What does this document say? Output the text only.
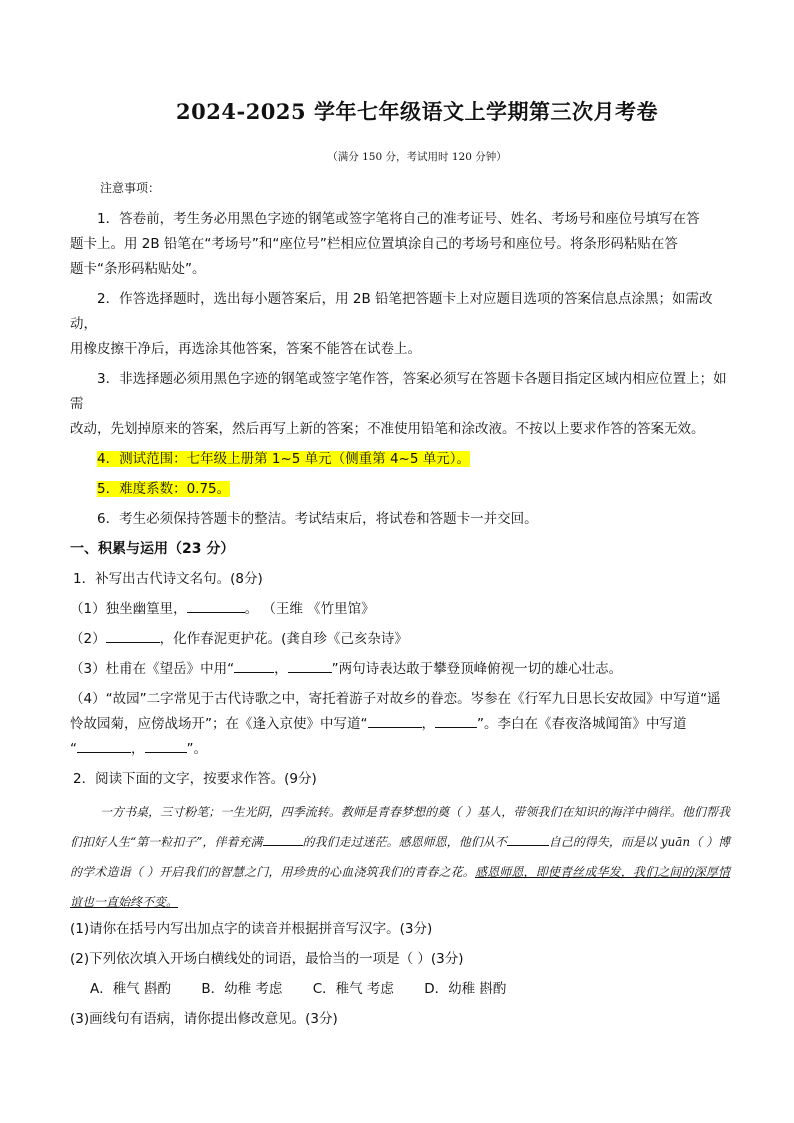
2024-2025 学年七年级语文上学期第三次月考卷
（满分 150 分，考试用时 120 分钟）

注意事项：

1．答卷前，考生务必用黑色字迹的钢笔或签字笔将自己的准考证号、姓名、考场号和座位号填写在答
题卡上。用 2B 铅笔在“考场号”和“座位号”栏相应位置填涂自己的考场号和座位号。将条形码粘贴在答
题卡“条形码粘贴处”。

2．作答选择题时，选出每小题答案后，用 2B 铅笔把答题卡上对应题目选项的答案信息点涂黑；如需改动，
用橡皮擦干净后，再选涂其他答案，答案不能答在试卷上。

3．非选择题必须用黑色字迹的钢笔或签字笔作答，答案必须写在答题卡各题目指定区域内相应位置上；如需
改动，先划掉原来的答案，然后再写上新的答案；不准使用铅笔和涂改液。不按以上要求作答的答案无效。

4．测试范围：七年级上册第 1~5 单元（侧重第 4~5 单元）。

5．难度系数：0.75。

6．考生必须保持答题卡的整洁。考试结束后，将试卷和答题卡一并交回。

一、积累与运用（23 分）

1．补写出古代诗文名句。(8分)

（1）独坐幽篁里，	。 （王维 《竹里馆》

（2）	，化作春泥更护花。(龚自珍《己亥杂诗》

（3）杜甫在《望岳》中用“	，	”两句诗表达敢于攀登顶峰俯视一切的雄心壮志。

（4）“故园”二字常见于古代诗歌之中，寄托着游子对故乡的眷恋。岑参在《行军九日思长安故园》中写道“遥
怜故园菊，应傍战场开”；在《逢入京使》中写道“	，	”。李白在《春夜洛城闻笛》中写道
“	，	”。

2．阅读下面的文字，按要求作答。(9分)

一方书桌，三寸粉笔；一生光阴，四季流转。教师是青春梦想的奠（ ）基人，带领我们在知识的海洋中徜徉。他们帮我们扣好人生“第一粒扣子”，伴着充满	的我们走过迷茫。感恩师恩，他们从不	自己的得失，而是以 yuān（ ）博的学术造诣（ ）开启我们的智慧之门，用珍贵的心血浇筑我们的青春之花。感恩师恩，即使青丝成华发，我们之间的深厚情谊也一直始终不变。

(1)请你在括号内写出加点字的读音并根据拼音写汉字。(3分)

(2)下列依次填入开场白横线处的词语，最恰当的一项是（ ）(3分)

A．稚气 斟酌 B．幼稚 考虑 C．稚气 考虑 D．幼稚 斟酌

(3)画线句有语病，请你提出修改意见。(3分)
